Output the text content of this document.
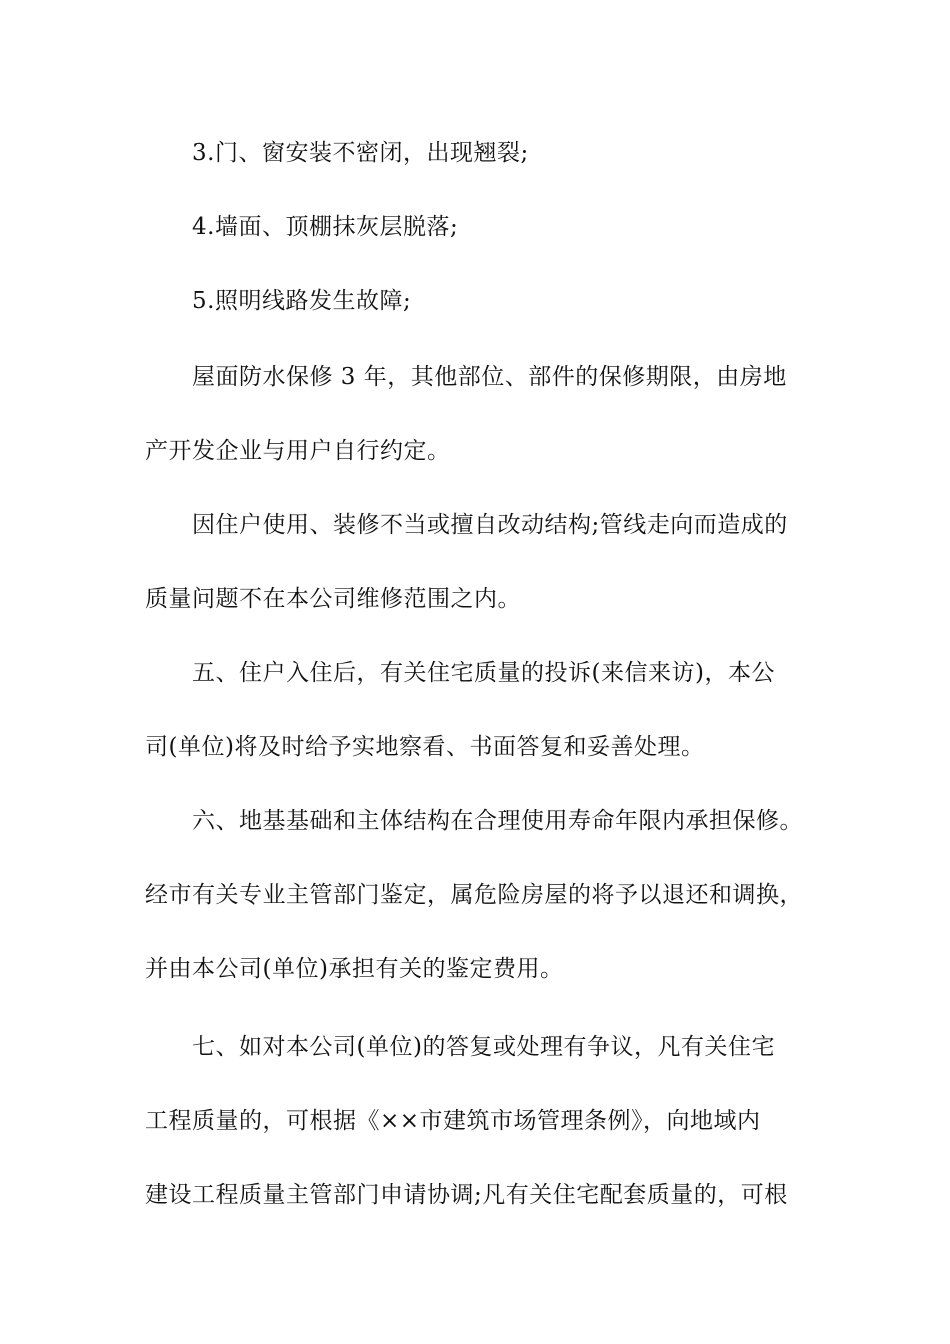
3.门、窗安装不密闭，出现翘裂;
4.墙面、顶棚抹灰层脱落;
5.照明线路发生故障;
屋面防水保修 3 年，其他部位、部件的保修期限，由房地
产开发企业与用户自行约定。
因住户使用、装修不当或擅自改动结构;管线走向而造成的
质量问题不在本公司维修范围之内。
五、住户入住后，有关住宅质量的投诉(来信来访)，本公
司(单位)将及时给予实地察看、书面答复和妥善处理。
六、地基基础和主体结构在合理使用寿命年限内承担保修。
经市有关专业主管部门鉴定，属危险房屋的将予以退还和调换，
并由本公司(单位)承担有关的鉴定费用。
七、如对本公司(单位)的答复或处理有争议，凡有关住宅
工程质量的，可根据《××市建筑市场管理条例》，向地域内
建设工程质量主管部门申请协调;凡有关住宅配套质量的，可根
